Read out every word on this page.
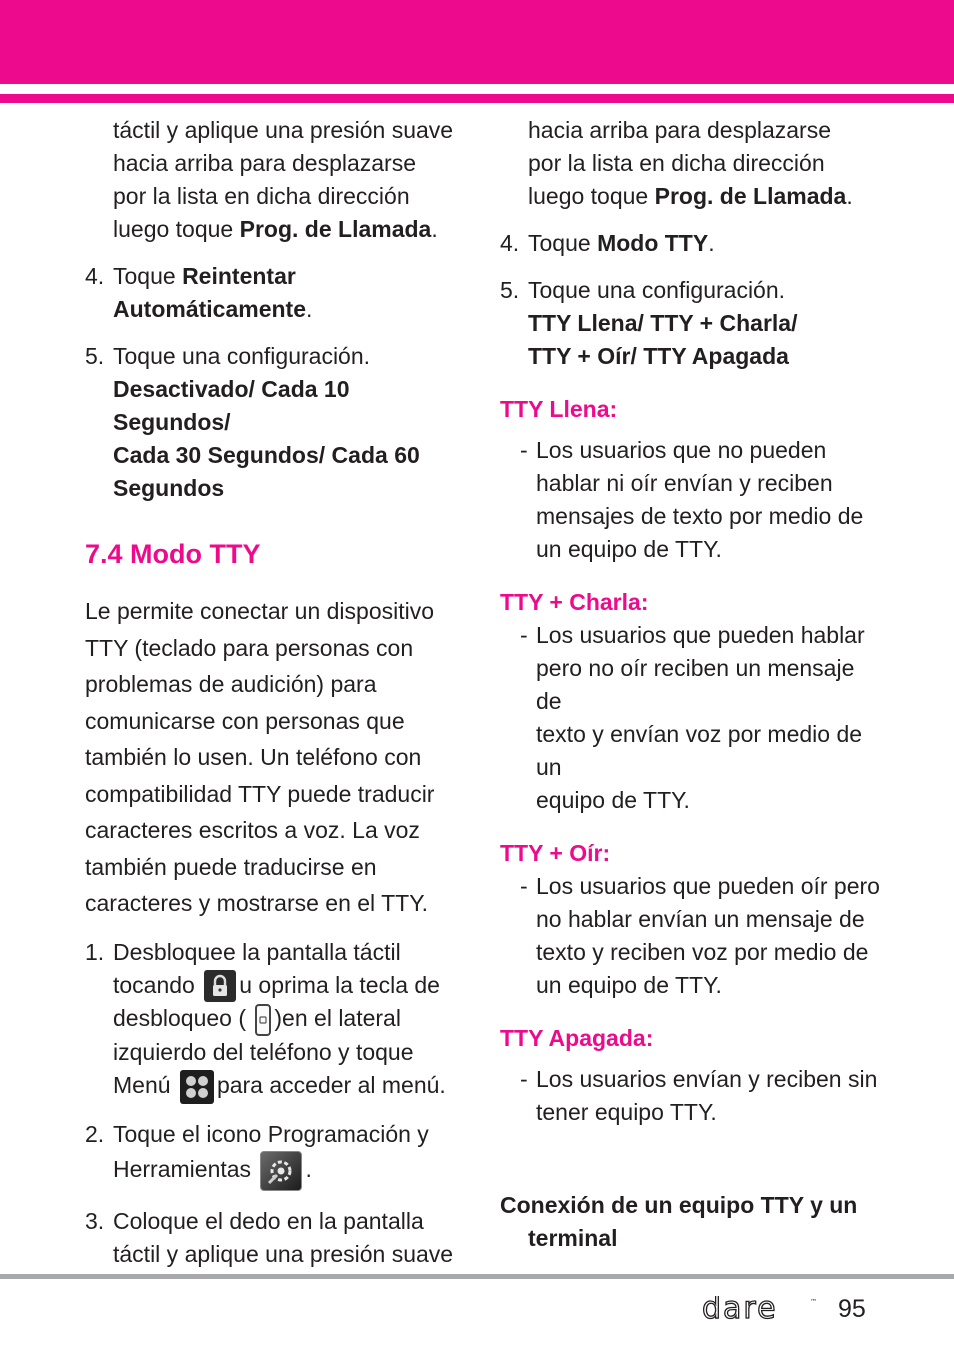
táctil y aplique una presión suave

hacia arriba para desplazarse

por la lista en dicha dirección

luego toque Prog. de Llamada.

4. Toque Reintentar

Automáticamente.

5. Toque una configuración.

Desactivado/ Cada 10 Segundos/

Cada 30 Segundos/ Cada 60

Segundos

7.4 Modo TTY

Le permite conectar un dispositivo

TTY (teclado para personas con

problemas de audición) para

comunicarse con personas que

también lo usen. Un teléfono con

compatibilidad TTY puede traducir

caracteres escritos a voz. La voz

también puede traducirse en

caracteres y mostrarse en el TTY.

1. Desbloquee la pantalla táctil

tocando u oprima la tecla de

desbloqueo ( )en el lateral

izquierdo del teléfono y toque

Menú para acceder al menú.

2. Toque el icono Programación y

Herramientas .

3. Coloque el dedo en la pantalla

táctil y aplique una presión suave

hacia arriba para desplazarse

por la lista en dicha dirección

luego toque Prog. de Llamada.

4. Toque Modo TTY.

5. Toque una configuración.

TTY Llena/ TTY + Charla/

TTY + Oír/ TTY Apagada

TTY Llena:
- Los usuarios que no pueden

hablar ni oír envían y reciben

mensajes de texto por medio de

un equipo de TTY.

TTY + Charla:
- Los usuarios que pueden hablar

pero no oír reciben un mensaje de

texto y envían voz por medio de un

equipo de TTY.

TTY + Oír:
- Los usuarios que pueden oír pero

no hablar envían un mensaje de

texto y reciben voz por medio de

un equipo de TTY.

TTY Apagada:
- Los usuarios envían y reciben sin

tener equipo TTY.

Conexión de un equipo TTY y un

terminal

dare	™ 95
